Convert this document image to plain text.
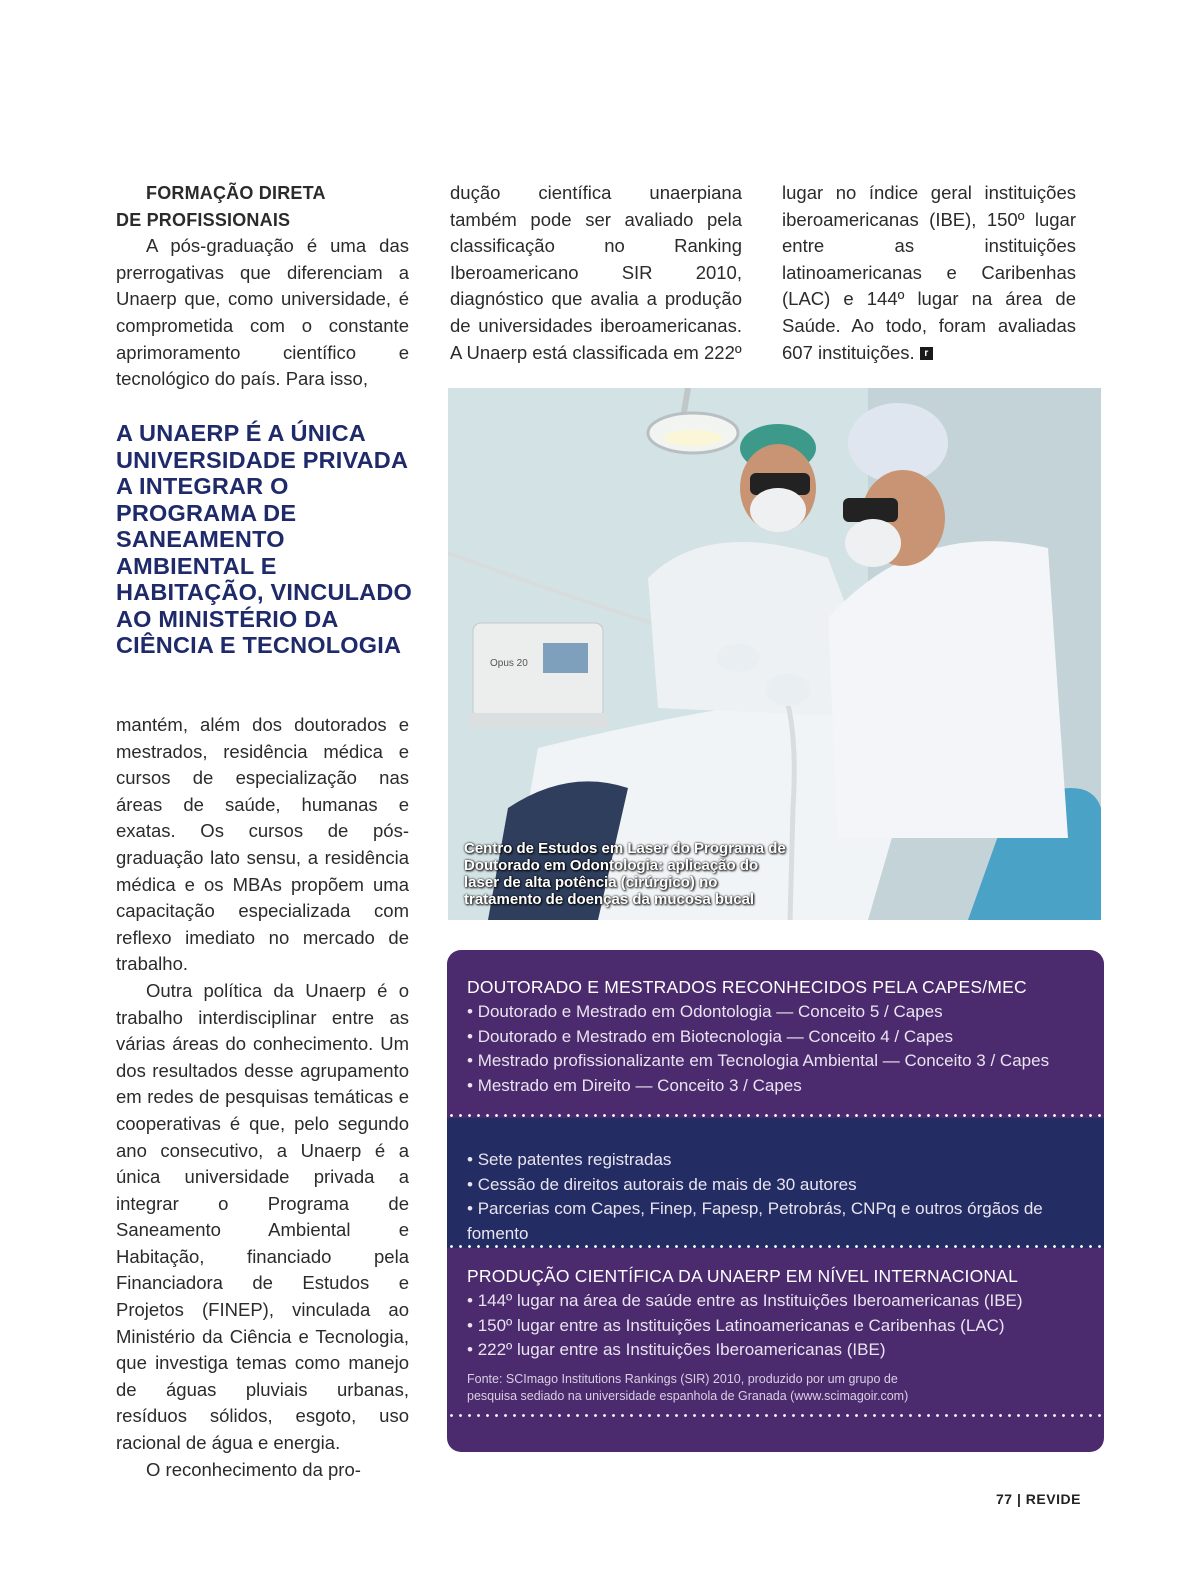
FORMAÇÃO DIRETA
DE PROFISSIONAIS

A pós-graduação é uma das prerrogativas que diferenciam a Unaerp que, como universidade, é comprometida com o constante aprimoramento científico e tecnológico do país. Para isso,

A UNAERP É A ÚNICA UNIVERSIDADE PRIVADA A INTEGRAR O PROGRAMA DE SANEAMENTO AMBIENTAL E HABITAÇÃO, VINCULADO AO MINISTÉRIO DA CIÊNCIA E TECNOLOGIA

mantém, além dos doutorados e mestrados, residência médica e cursos de especialização nas áreas de saúde, humanas e exatas. Os cursos de pós-graduação lato sensu, a residência médica e os MBAs propõem uma capacitação especializada com reflexo imediato no mercado de trabalho.

Outra política da Unaerp é o trabalho interdisciplinar entre as várias áreas do conhecimento. Um dos resultados desse agrupamento em redes de pesquisas temáticas e cooperativas é que, pelo segundo ano consecutivo, a Unaerp é a única universidade privada a integrar o Programa de Saneamento Ambiental e Habitação, financiado pela Financiadora de Estudos e Projetos (FINEP), vinculada ao Ministério da Ciência e Tecnologia, que investiga temas como manejo de águas pluviais urbanas, resíduos sólidos, esgoto, uso racional de água e energia.

O reconhecimento da pro-

dução científica unaerpiana também pode ser avaliado pela classificação no Ranking Iberoamericano SIR 2010, diagnóstico que avalia a produção de universidades iberoamericanas. A Unaerp está classificada em 222º

lugar no índice geral instituições iberoamericanas (IBE), 150º lugar entre as instituições latinoamericanas e Caribenhas (LAC) e 144º lugar na área de Saúde. Ao todo, foram avaliadas 607 instituições. r

Opus 20
Centro de Estudos em Laser do Programa de Doutorado em Odontologia: aplicação do laser de alta potência (cirúrgico) no tratamento de doenças da mucosa bucal
DOUTORADO E MESTRADOS RECONHECIDOS PELA CAPES/MEC
• Doutorado e Mestrado em Odontologia — Conceito 5 / Capes
• Doutorado e Mestrado em Biotecnologia — Conceito 4 / Capes
• Mestrado profissionalizante em Tecnologia Ambiental — Conceito 3 / Capes
• Mestrado em Direito — Conceito 3 / Capes
• Sete patentes registradas
• Cessão de direitos autorais de mais de 30 autores
• Parcerias com Capes, Finep, Fapesp, Petrobrás, CNPq e outros órgãos de fomento
PRODUÇÃO CIENTÍFICA DA UNAERP EM NÍVEL INTERNACIONAL
• 144º lugar na área de saúde entre as Instituições Iberoamericanas (IBE)
• 150º lugar entre as Instituições Latinoamericanas e Caribenhas (LAC)
• 222º lugar entre as Instituições Iberoamericanas (IBE)
Fonte: SCImago Institutions Rankings (SIR) 2010, produzido por um grupo de
pesquisa sediado na universidade espanhola de Granada (www.scimagoir.com)
77 | REVIDE
